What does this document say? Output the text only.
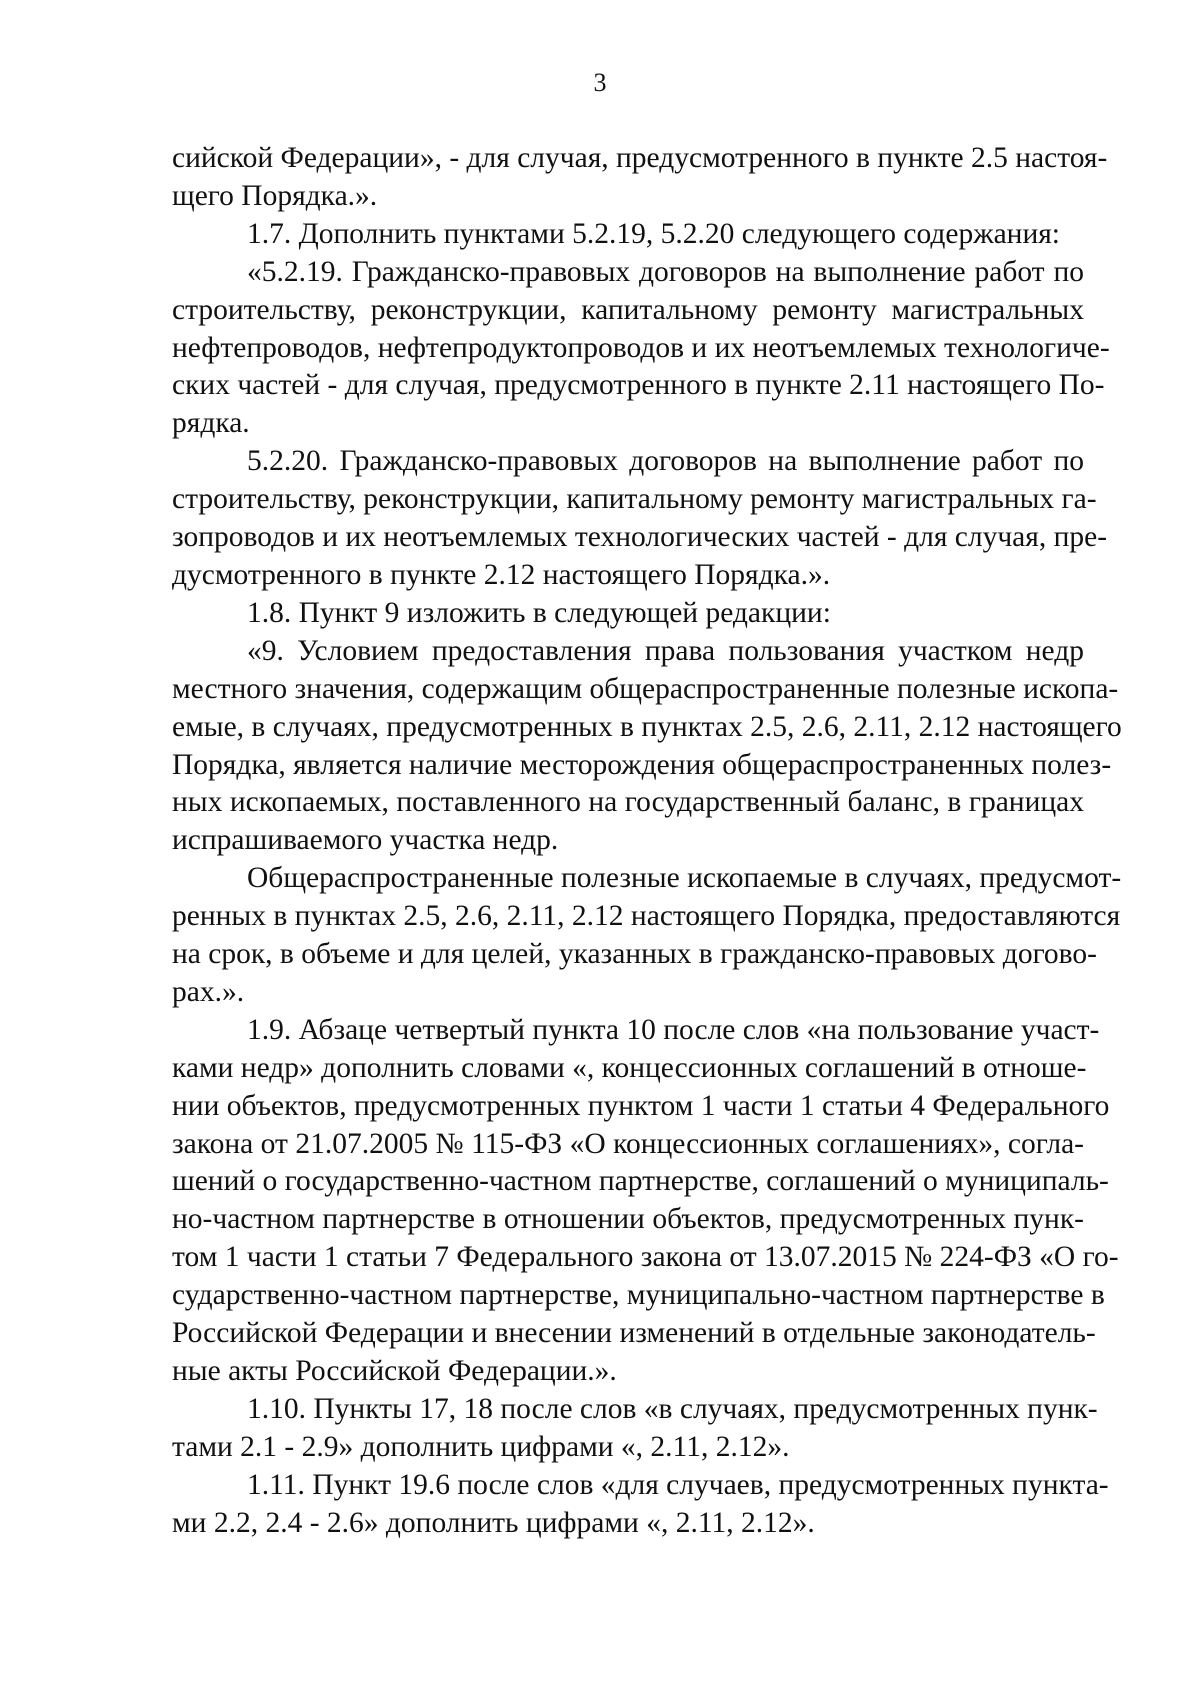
3

сийской Федерации», - для случая, предусмотренного в пункте 2.5 настоя-
щего Порядка.».

1.7. Дополнить пунктами 5.2.19, 5.2.20 следующего содержания:

«5.2.19. Гражданско-правовых договоров на выполнение работ по
строительству, реконструкции, капитальному ремонту магистральных
нефтепроводов, нефтепродуктопроводов и их неотъемлемых технологиче-
ских частей - для случая, предусмотренного в пункте 2.11 настоящего По-
рядка.

5.2.20. Гражданско-правовых договоров на выполнение работ по
строительству, реконструкции, капитальному ремонту магистральных га-
зопроводов и их неотъемлемых технологических частей - для случая, пре-
дусмотренного в пункте 2.12 настоящего Порядка.».

1.8. Пункт 9 изложить в следующей редакции:

«9. Условием предоставления права пользования участком недр
местного значения, содержащим общераспространенные полезные ископа-
емые, в случаях, предусмотренных в пунктах 2.5, 2.6, 2.11, 2.12 настоящего
Порядка, является наличие месторождения общераспространенных полез-
ных ископаемых, поставленного на государственный баланс, в границах
испрашиваемого участка недр.

Общераспространенные полезные ископаемые в случаях, предусмот-
ренных в пунктах 2.5, 2.6, 2.11, 2.12 настоящего Порядка, предоставляются
на срок, в объеме и для целей, указанных в гражданско-правовых догово-
рах.».

1.9. Абзаце четвертый пункта 10 после слов «на пользование участ-
ками недр» дополнить словами «, концессионных соглашений в отноше-
нии объектов, предусмотренных пунктом 1 части 1 статьи 4 Федерального
закона от 21.07.2005 № 115-ФЗ «О концессионных соглашениях», согла-
шений о государственно-частном партнерстве, соглашений о муниципаль-
но-частном партнерстве в отношении объектов, предусмотренных пунк-
том 1 части 1 статьи 7 Федерального закона от 13.07.2015 № 224-ФЗ «О го-
сударственно-частном партнерстве, муниципально-частном партнерстве в
Российской Федерации и внесении изменений в отдельные законодатель-
ные акты Российской Федерации.».

1.10. Пункты 17, 18 после слов «в случаях, предусмотренных пунк-
тами 2.1 - 2.9» дополнить цифрами «, 2.11, 2.12».

1.11. Пункт 19.6 после слов «для случаев, предусмотренных пункта-
ми 2.2, 2.4 - 2.6» дополнить цифрами «, 2.11, 2.12».
